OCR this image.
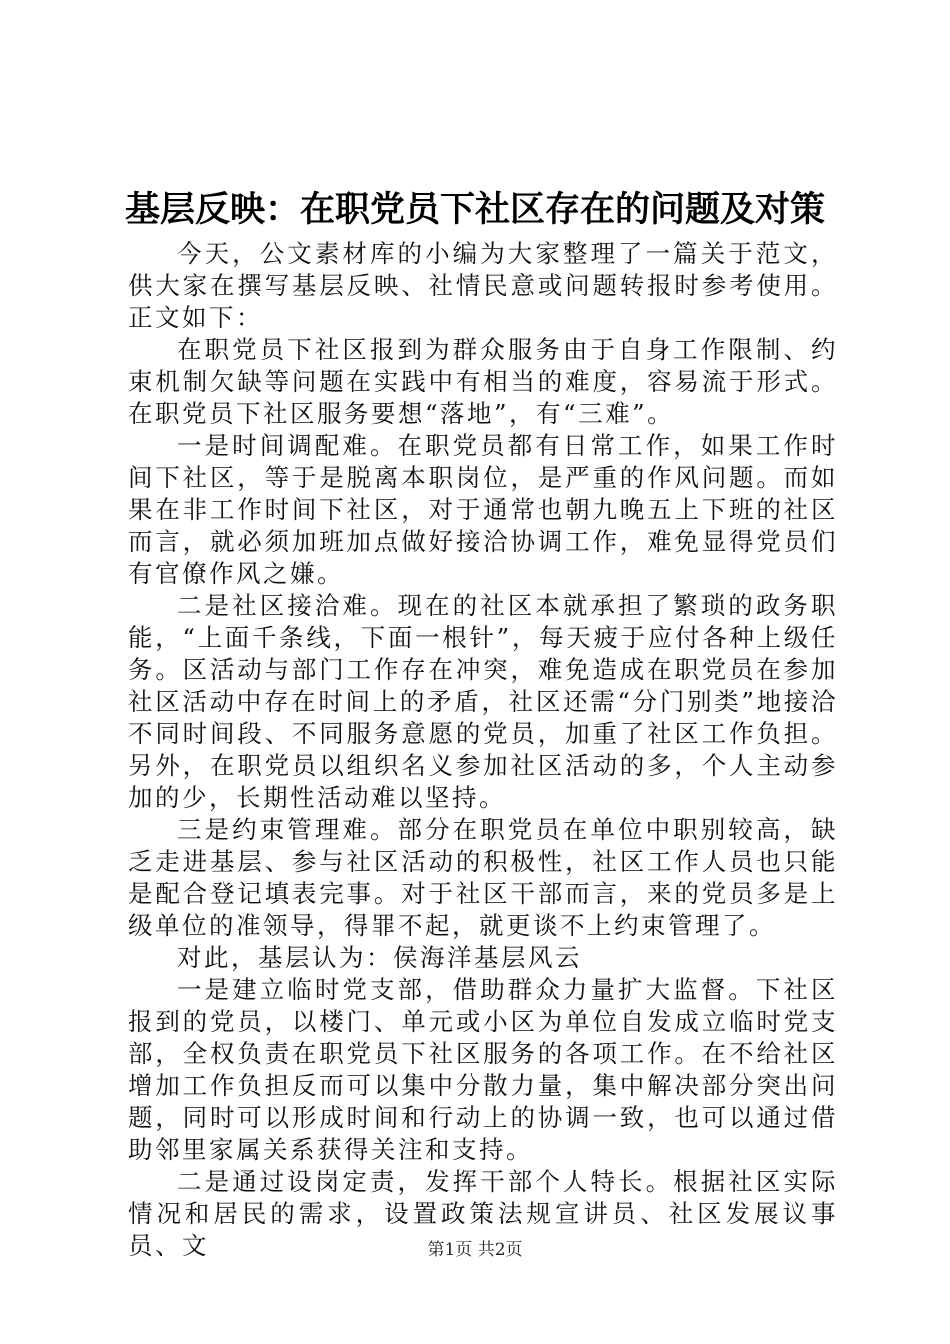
基层反映：在职党员下社区存在的问题及对策

今天，公文素材库的小编为大家整理了一篇关于范文，供大家在撰写基层反映、社情民意或问题转报时参考使用。正文如下：

在职党员下社区报到为群众服务由于自身工作限制、约束机制欠缺等问题在实践中有相当的难度，容易流于形式。在职党员下社区服务要想“落地”，有“三难”。

一是时间调配难。在职党员都有日常工作，如果工作时间下社区，等于是脱离本职岗位，是严重的作风问题。而如果在非工作时间下社区，对于通常也朝九晚五上下班的社区而言，就必须加班加点做好接洽协调工作，难免显得党员们有官僚作风之嫌。

二是社区接洽难。现在的社区本就承担了繁琐的政务职能，“上面千条线，下面一根针”，每天疲于应付各种上级任务。区活动与部门工作存在冲突，难免造成在职党员在参加社区活动中存在时间上的矛盾，社区还需“分门别类”地接洽不同时间段、不同服务意愿的党员，加重了社区工作负担。另外，在职党员以组织名义参加社区活动的多，个人主动参加的少，长期性活动难以坚持。

三是约束管理难。部分在职党员在单位中职别较高，缺乏走进基层、参与社区活动的积极性，社区工作人员也只能是配合登记填表完事。对于社区干部而言，来的党员多是上级单位的准领导，得罪不起，就更谈不上约束管理了。

对此，基层认为：侯海洋基层风云

一是建立临时党支部，借助群众力量扩大监督。下社区报到的党员，以楼门、单元或小区为单位自发成立临时党支部，全权负责在职党员下社区服务的各项工作。在不给社区增加工作负担反而可以集中分散力量，集中解决部分突出问题，同时可以形成时间和行动上的协调一致，也可以通过借助邻里家属关系获得关注和支持。

二是通过设岗定责，发挥干部个人特长。根据社区实际情况和居民的需求，设置政策法规宣讲员、社区发展议事员、文	第1页 共2页
